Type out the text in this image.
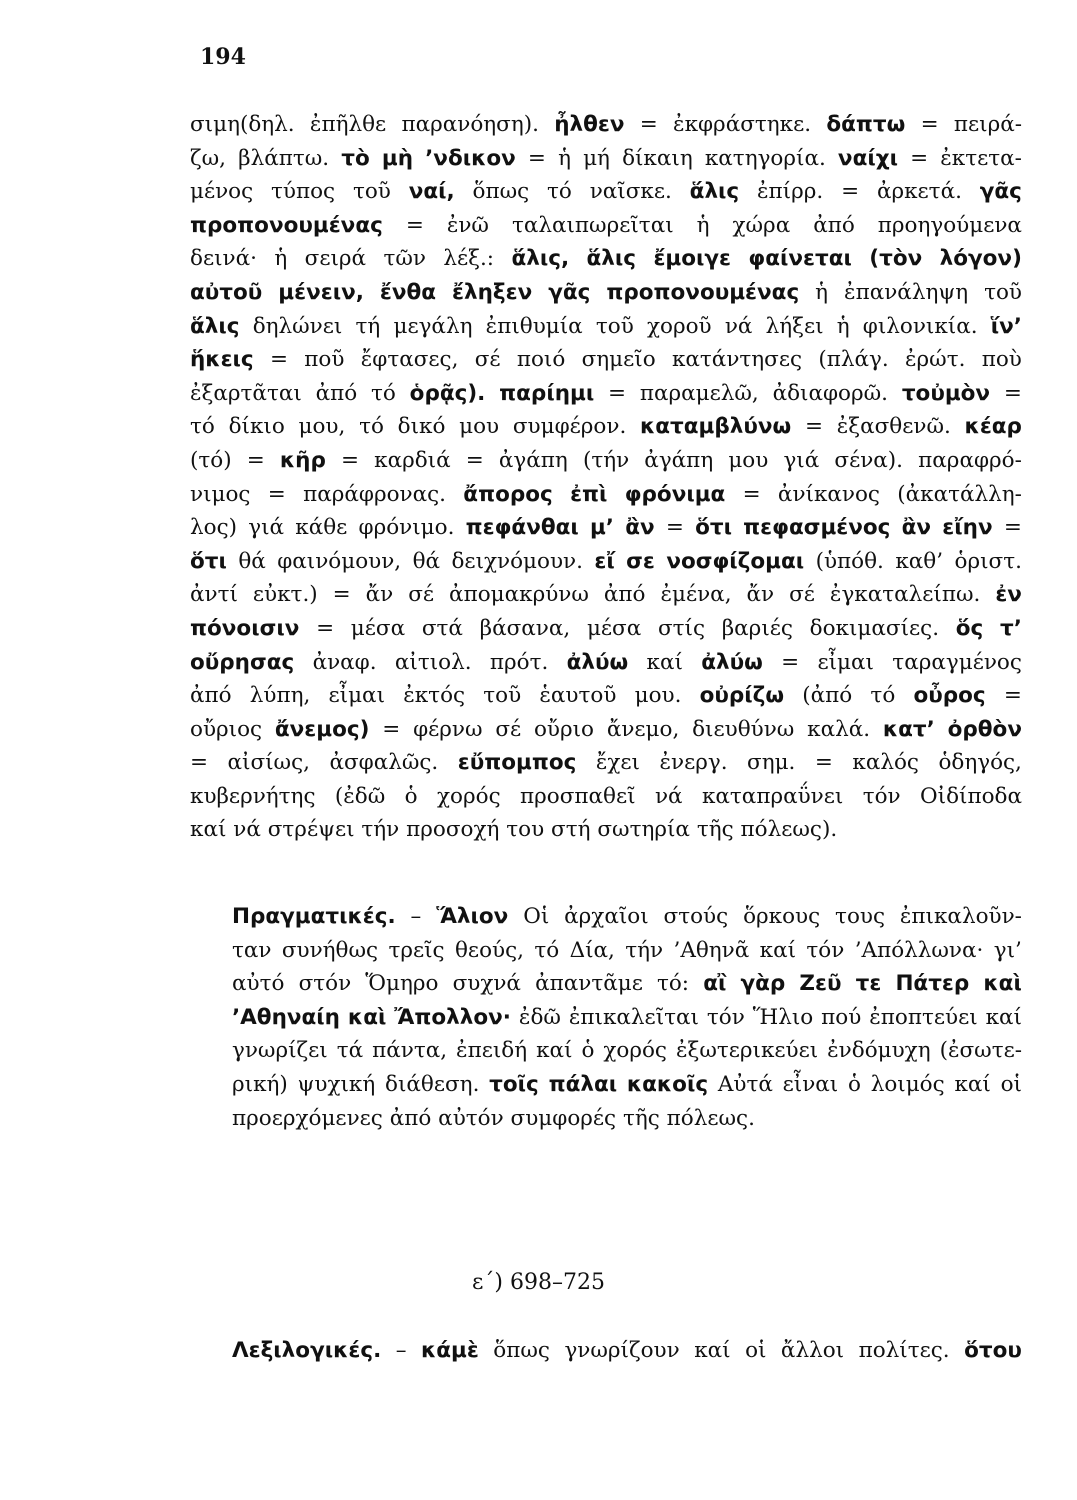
194
σιμη(δηλ. ἐπῆλθε παρανόηση). ἦλθεν = ἐκφράστηκε. δάπτω = πειρά-
ζω, βλάπτω. τὸ μὴ ’νδικον = ἡ μή δίκαιη κατηγορία. ναίχι = ἐκτετα-
μένος τύπος τοῦ ναί, ὅπως τό ναῖσκε. ἅλις ἐπίρρ. = ἀρκετά. γᾶς
προπονουμένας = ἐνῶ ταλαιπωρεῖται ἡ χώρα ἀπό προηγούμενα
δεινά· ἡ σειρά τῶν λέξ.: ἅλις, ἅλις ἔμοιγε φαίνεται (τὸν λόγον)
αὐτοῦ μένειν, ἔνθα ἔληξεν γᾶς προπονουμένας ἡ ἐπανάληψη τοῦ
ἅλις δηλώνει τή μεγάλη ἐπιθυμία τοῦ χοροῦ νά λήξει ἡ φιλονικία. ἵν’
ἥκεις = ποῦ ἔφτασες, σέ ποιό σημεῖο κατάντησες (πλάγ. ἐρώτ. ποὺ
ἐξαρτᾶται ἀπό τό ὁρᾷς). παρίημι = παραμελῶ, ἀδιαφορῶ. τοὐμὸν =
τό δίκιο μου, τό δικό μου συμφέρον. καταμβλύνω = ἐξασθενῶ. κέαρ
(τό) = κῆρ = καρδιά = ἀγάπη (τήν ἀγάπη μου γιά σένα). παραφρό-
νιμος = παράφρονας. ἄπορος ἐπὶ φρόνιμα = ἀνίκανος (ἀκατάλλη-
λος) γιά κάθε φρόνιμο. πεφάνθαι μ’ ἂν = ὅτι πεφασμένος ἂν εἴην =
ὅτι θά φαινόμουν, θά δειχνόμουν. εἴ σε νοσφίζομαι (ὑπόθ. καθ’ ὁριστ.
ἀντί εὐκτ.) = ἄν σέ ἀπομακρύνω ἀπό ἐμένα, ἄν σέ ἐγκαταλείπω. ἐν
πόνοισιν = μέσα στά βάσανα, μέσα στίς βαριές δοκιμασίες. ὅς τ’
οὔρησας ἀναφ. αἰτιολ. πρότ. ἀλύω καί ἀλύω = εἶμαι ταραγμένος
ἀπό λύπη, εἶμαι ἐκτός τοῦ ἑαυτοῦ μου. οὐρίζω (ἀπό τό οὖρος =
οὔριος ἄνεμος) = φέρνω σέ οὔριο ἄνεμο, διευθύνω καλά. κατ’ ὀρθὸν
= αἰσίως, ἀσφαλῶς. εὔπομπος ἔχει ἐνεργ. σημ. = καλός ὁδηγός,
κυβερνήτης (ἐδῶ ὁ χορός προσπαθεῖ νά καταπραΰνει τόν Οἰδίποδα
καί νά στρέψει τήν προσοχή του στή σωτηρία τῆς πόλεως).
Πραγματικές. – Ἅλιον Οἱ ἀρχαῖοι στούς ὅρκους τους ἐπικαλοῦν-
ταν συνήθως τρεῖς θεούς, τό Δία, τήν ’Αθηνᾶ καί τόν ’Απόλλωνα· γι’
αὐτό στόν Ὅμηρο συχνά ἀπαντᾶμε τό: αἲ γὰρ Ζεῦ τε Πάτερ καὶ
’Αθηναίη καὶ Ἄπολλον· ἐδῶ ἐπικαλεῖται τόν Ἥλιο πού ἐποπτεύει καί
γνωρίζει τά πάντα, ἐπειδή καί ὁ χορός ἐξωτερικεύει ἐνδόμυχη (ἐσωτε-
ρική) ψυχική διάθεση. τοῖς πάλαι κακοῖς Αὐτά εἶναι ὁ λοιμός καί οἱ
προερχόμενες ἀπό αὐτόν συμφορές τῆς πόλεως.
ε΄) 698–725
Λεξιλογικές. – κάμὲ ὅπως γνωρίζουν καί οἱ ἄλλοι πολίτες. ὅτου
